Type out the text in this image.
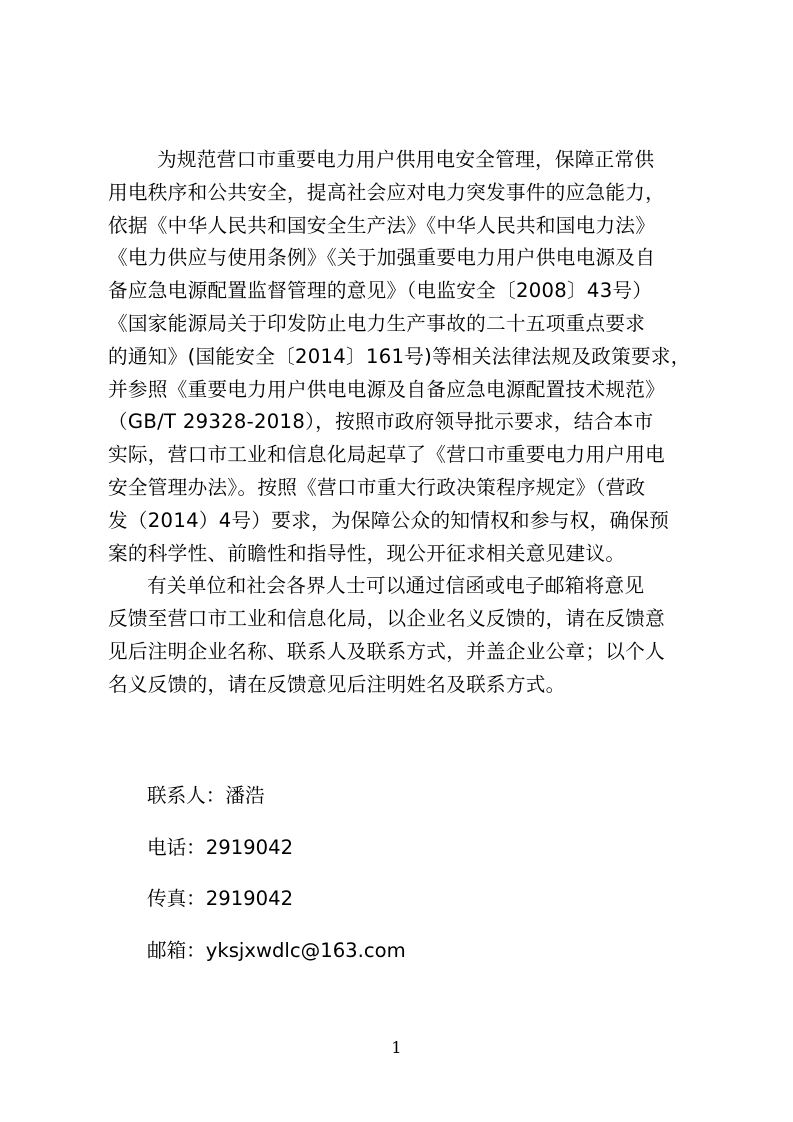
为规范营口市重要电力用户供用电安全管理，保障正常供
用电秩序和公共安全，提高社会应对电力突发事件的应急能力，
依据《中华人民共和国安全生产法》《中华人民共和国电力法》
《电力供应与使用条例》《关于加强重要电力用户供电电源及自
备应急电源配置监督管理的意见》（电监安全〔2008〕43号）
《国家能源局关于印发防止电力生产事故的二十五项重点要求
的通知》(国能安全〔2014〕161号)等相关法律法规及政策要求，
并参照《重要电力用户供电电源及自备应急电源配置技术规范》
（GB/T 29328-2018），按照市政府领导批示要求，结合本市
实际，营口市工业和信息化局起草了《营口市重要电力用户用电
安全管理办法》。按照《营口市重大行政决策程序规定》（营政
发（2014）4号）要求，为保障公众的知情权和参与权，确保预
案的科学性、前瞻性和指导性，现公开征求相关意见建议。

有关单位和社会各界人士可以通过信函或电子邮箱将意见
反馈至营口市工业和信息化局，以企业名义反馈的，请在反馈意
见后注明企业名称、联系人及联系方式，并盖企业公章；以个人
名义反馈的，请在反馈意见后注明姓名及联系方式。

联系人：潘浩
电话：2919042
传真：2919042
邮箱：yksjxwdlc@163.com
1
